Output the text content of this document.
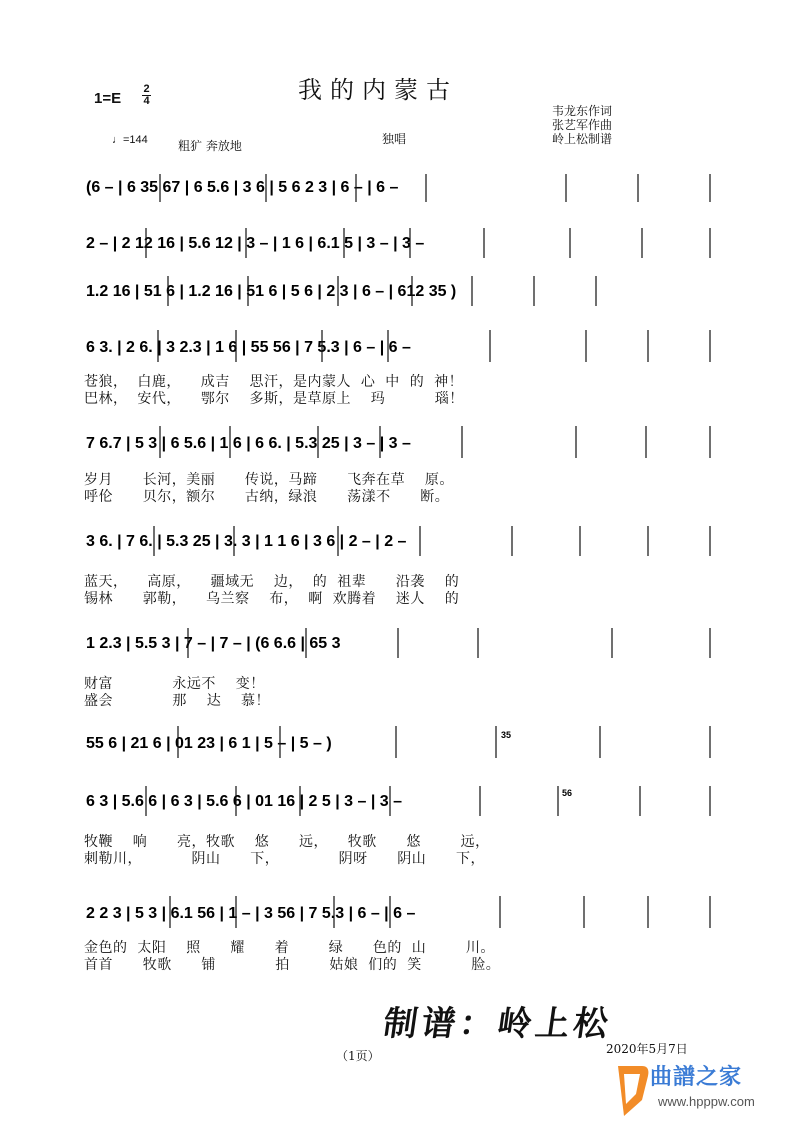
我的内蒙古
1=E
2
4
韦龙东作词
张艺军作曲
岭上松制谱
♩=144	粗犷 奔放地	独唱
(6 – | 6 35 67 | 6 5.6 | 3 6 | 5 6 2 3 | 6 – | 6 –
2 – | 2 12 16 | 5.6 12 | 3 – | 1 6 | 6.1 5 | 3 – | 3 –
1.2 16 | 51 6 | 1.2 16 | 51 6 | 5 6 | 2 3 | 6 – | 612 35 )
6 3. | 2 6. | 3 2.3 | 1 6 | 55 56 | 7 5.3 | 6 – | 6 –
苍狼，  白鹿，    成吉    思汗，是内蒙人  心  中  的  神！
巴林，  安代，    鄂尔    多斯，是草原上    玛          瑙！
7 6.7 | 5 3 | 6 5.6 | 1 6 | 6 6. | 5.3 25 | 3 – | 3 –
岁月      长河，美丽      传说，马蹄      飞奔在草    原。
呼伦      贝尔，额尔      古纳，绿浪      荡漾不      断。
3 6. | 7 6. | 5.3 25 | 3. 3 | 1 1 6 | 3 6 | 2 – | 2 –
蓝天，    高原，    疆域无    边，  的  祖辈      沿袭    的
锡林      郭勒，    乌兰察    布，  啊  欢腾着    迷人    的
1 2.3 | 5.5 3 | 7 – | 7 – | (6 6.6 | 65 3
财富            永远不    变！
盛会            那    达    慕！
55 6 | 21 6 | 01 23 | 6 1 | 5 – | 5 – )	35
6 3 | 5.6 6 | 6 3 | 5.6 6 | 01 16 | 2 5 | 3 – | 3 –	56
牧鞭    响      亮，牧歌    悠      远，    牧歌      悠        远，
刺勒川，          阴山      下，            阴呀      阴山      下，
2 2 3 | 5 3 | 6.1 56 | 1 – | 3 56 | 7 5.3 | 6 – | 6 –
金色的  太阳    照      耀      着        绿      色的  山        川。
首首      牧歌      铺            拍        姑娘  们的  笑          脸。
制谱：岭上松
（1页）	2020年5月7日
曲譜之家
www.hpppw.com
